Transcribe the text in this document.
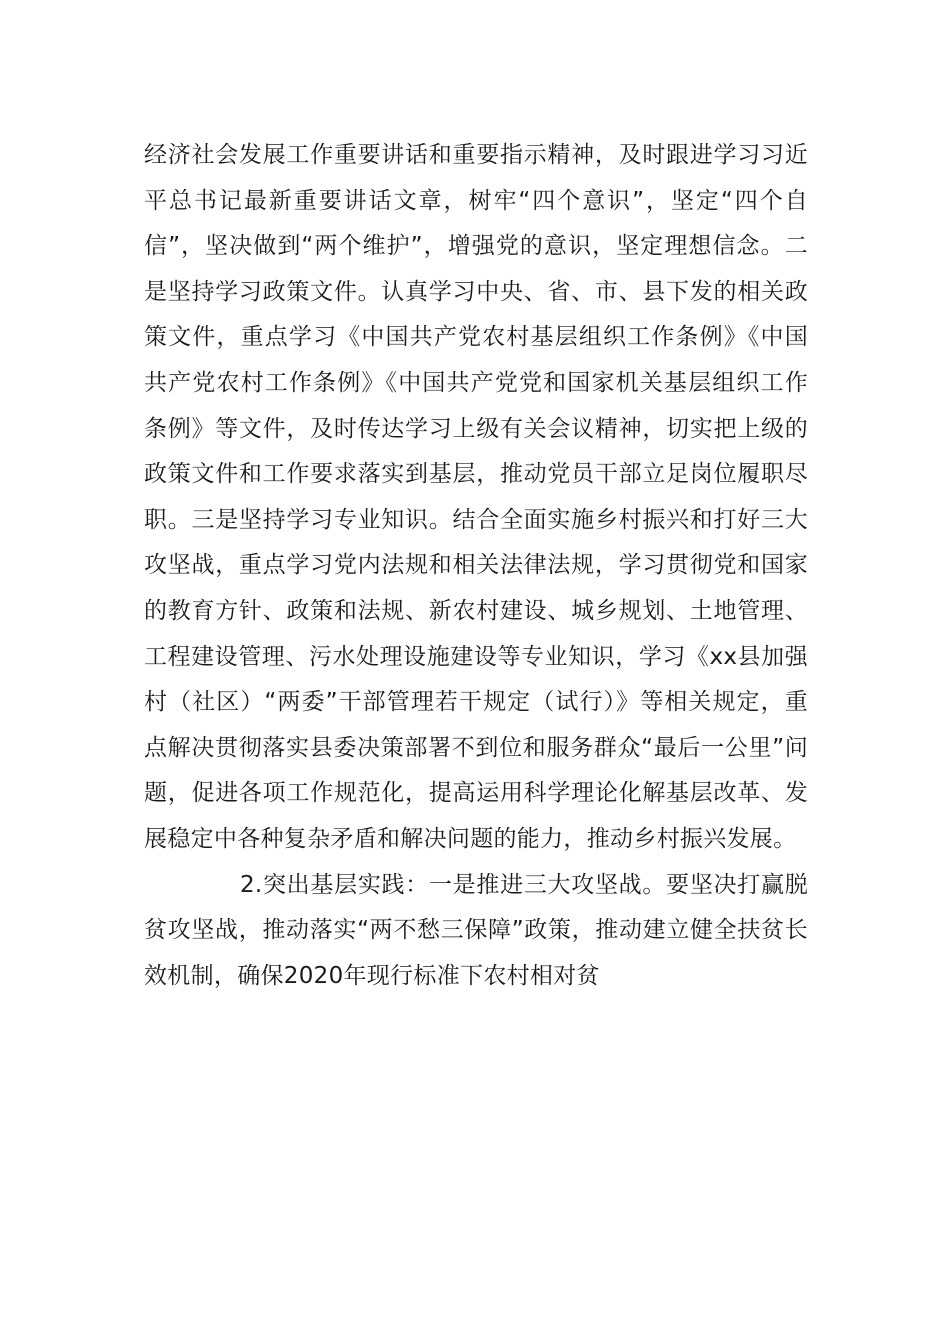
经济社会发展工作重要讲话和重要指示精神，及时跟进学习习近平总书记最新重要讲话文章，树牢“四个意识”，坚定“四个自信”，坚决做到“两个维护”，增强党的意识，坚定理想信念。二是坚持学习政策文件。认真学习中央、省、市、县下发的相关政策文件，重点学习《中国共产党农村基层组织工作条例》《中国共产党农村工作条例》《中国共产党党和国家机关基层组织工作条例》等文件，及时传达学习上级有关会议精神，切实把上级的政策文件和工作要求落实到基层，推动党员干部立足岗位履职尽职。三是坚持学习专业知识。结合全面实施乡村振兴和打好三大攻坚战，重点学习党内法规和相关法律法规，学习贯彻党和国家的教育方针、政策和法规、新农村建设、城乡规划、土地管理、工程建设管理、污水处理设施建设等专业知识，学习《xx县加强村（社区）“两委”干部管理若干规定（试行）》等相关规定，重点解决贯彻落实县委决策部署不到位和服务群众“最后一公里”问题，促进各项工作规范化，提高运用科学理论化解基层改革、发展稳定中各种复杂矛盾和解决问题的能力，推动乡村振兴发展。

2.突出基层实践：一是推进三大攻坚战。要坚决打赢脱贫攻坚战，推动落实“两不愁三保障”政策，推动建立健全扶贫长效机制，确保2020年现行标准下农村相对贫
